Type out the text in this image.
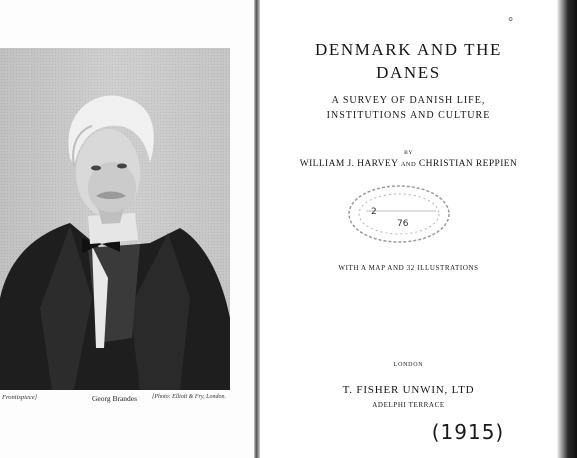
Frontispiece]	Georg Brandes [Photo: Elliott & Fry, London.
⚬
DENMARK AND THE
DANES
A SURVEY OF DANISH LIFE,
INSTITUTIONS AND CULTURE
BY
WILLIAM J. HARVEY AND CHRISTIAN REPPIEN
2
76
WITH A MAP AND 32 ILLUSTRATIONS
LONDON
T. FISHER UNWIN, LTD
ADELPHI TERRACE
(1915)
